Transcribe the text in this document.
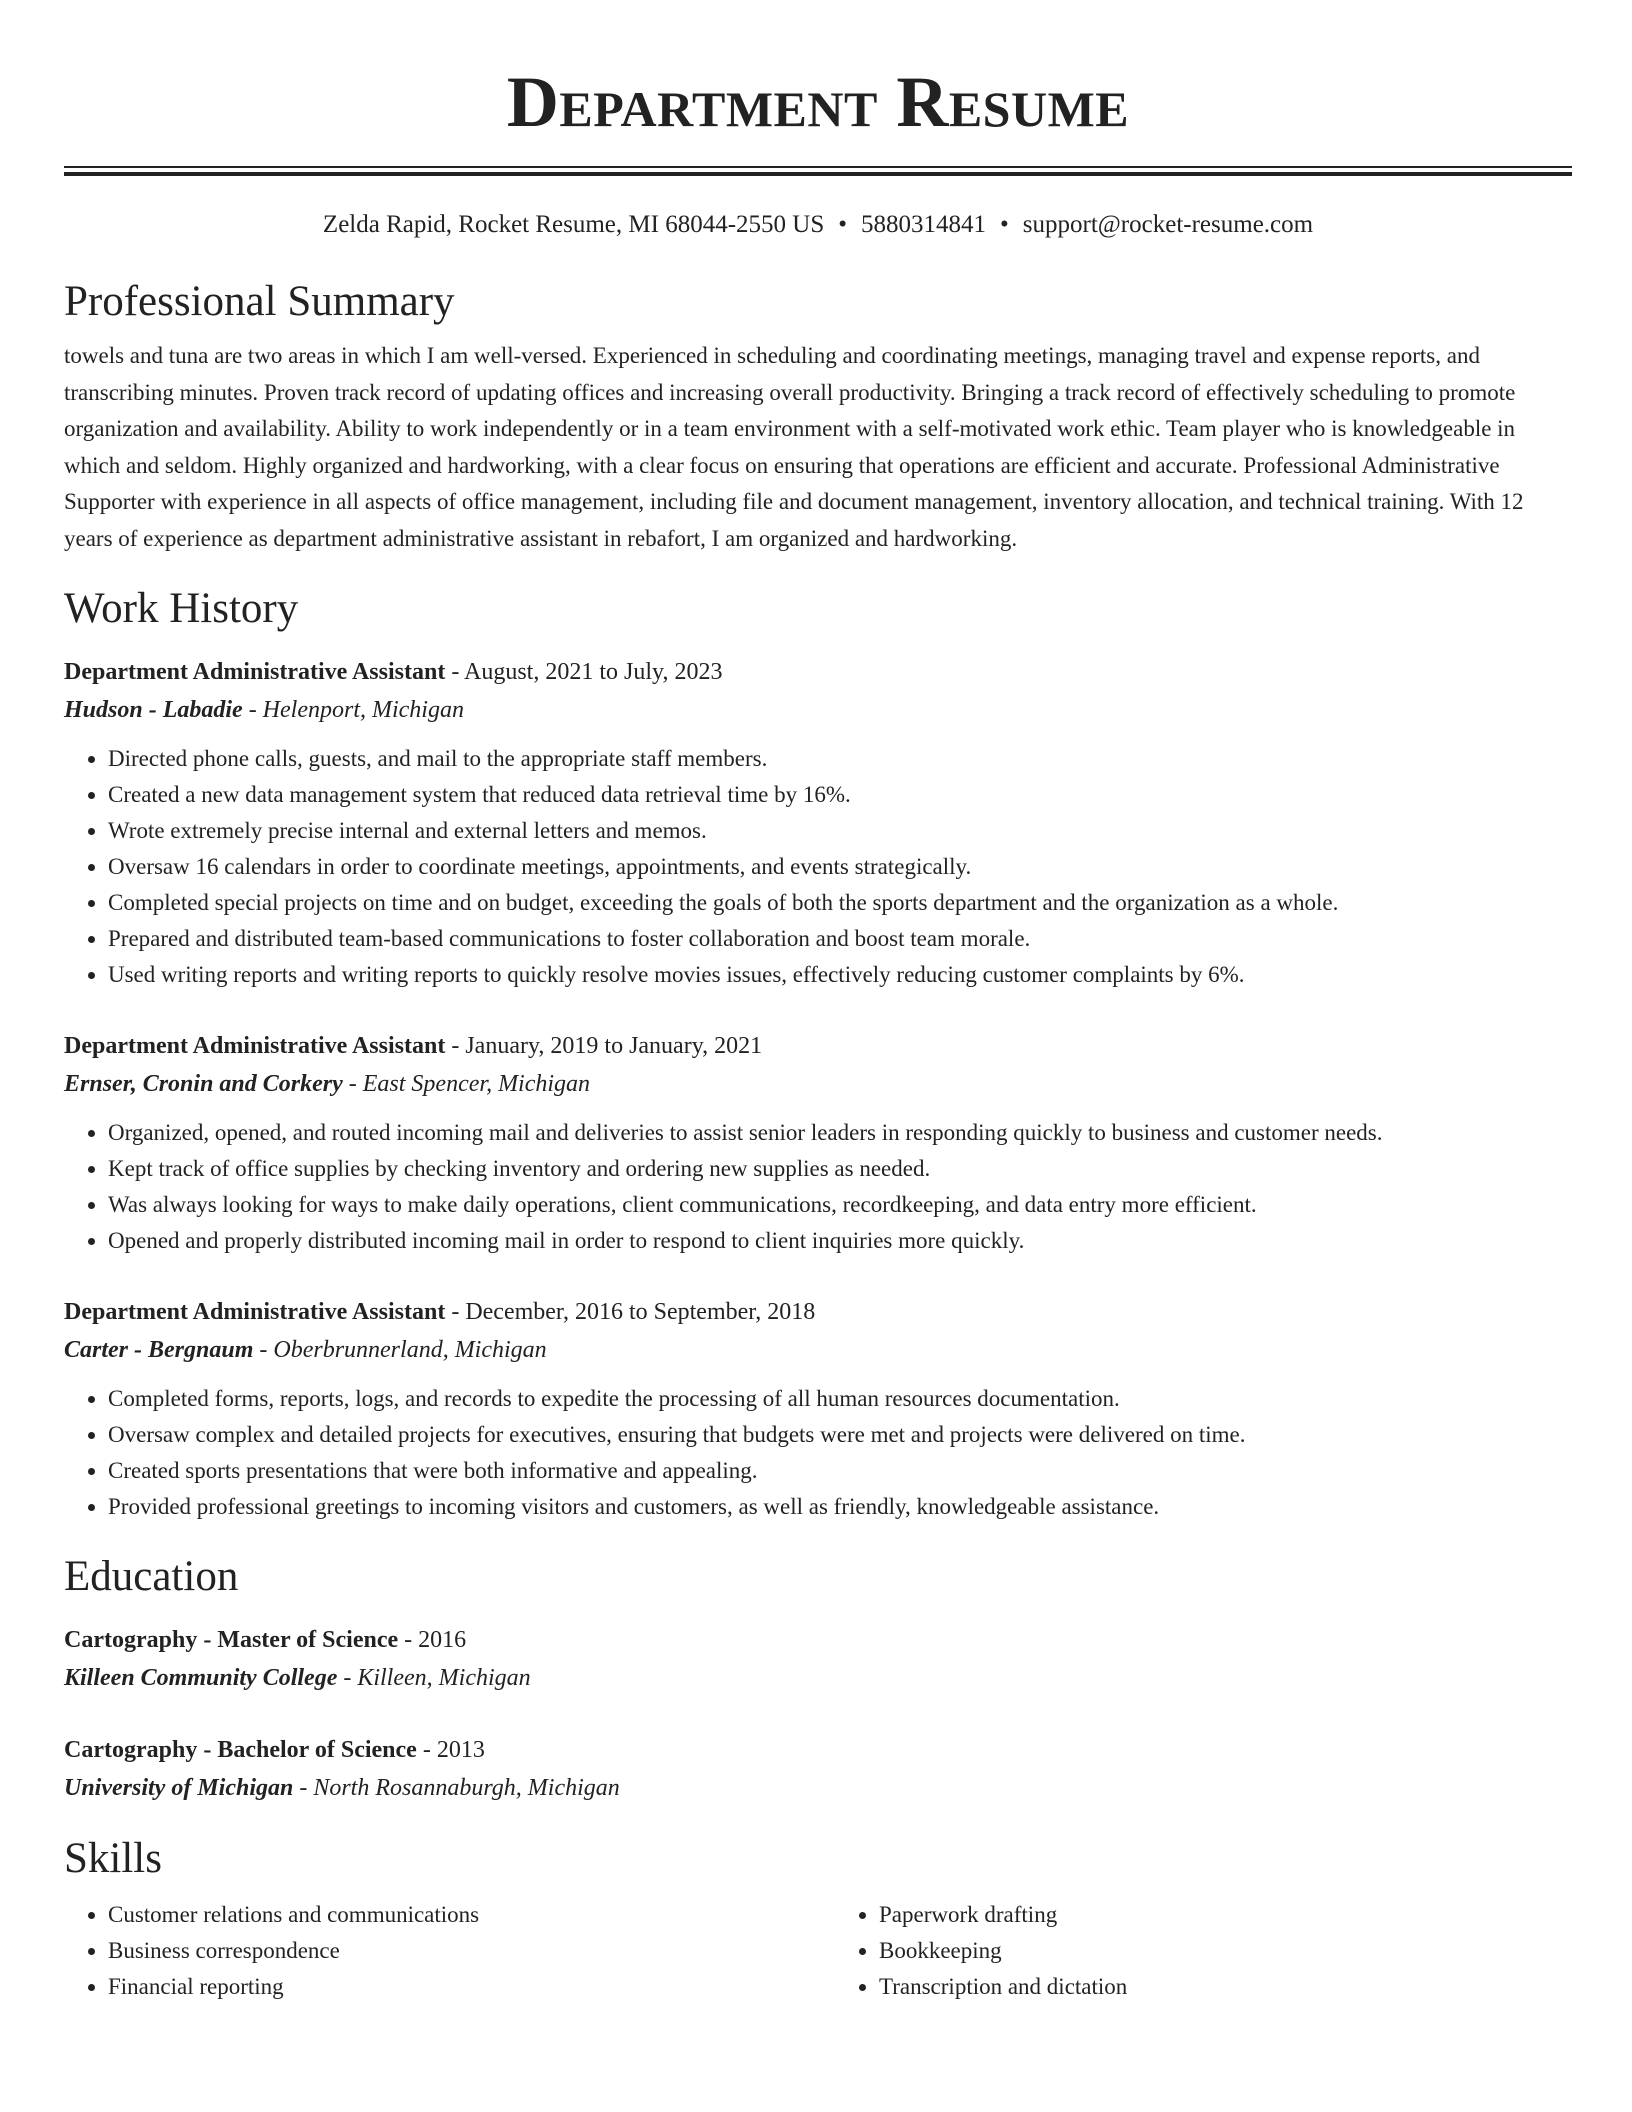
Department Resume
Zelda Rapid, Rocket Resume, MI 68044-2550 US • 5880314841 • support@rocket-resume.com
Professional Summary
towels and tuna are two areas in which I am well-versed. Experienced in scheduling and coordinating meetings, managing travel and expense reports, and transcribing minutes. Proven track record of updating offices and increasing overall productivity. Bringing a track record of effectively scheduling to promote organization and availability. Ability to work independently or in a team environment with a self-motivated work ethic. Team player who is knowledgeable in which and seldom. Highly organized and hardworking, with a clear focus on ensuring that operations are efficient and accurate. Professional Administrative Supporter with experience in all aspects of office management, including file and document management, inventory allocation, and technical training. With 12 years of experience as department administrative assistant in rebafort, I am organized and hardworking.
Work History
Department Administrative Assistant - August, 2021 to July, 2023
Hudson - Labadie - Helenport, Michigan
• Directed phone calls, guests, and mail to the appropriate staff members.
• Created a new data management system that reduced data retrieval time by 16%.
• Wrote extremely precise internal and external letters and memos.
• Oversaw 16 calendars in order to coordinate meetings, appointments, and events strategically.
• Completed special projects on time and on budget, exceeding the goals of both the sports department and the organization as a whole.
• Prepared and distributed team-based communications to foster collaboration and boost team morale.
• Used writing reports and writing reports to quickly resolve movies issues, effectively reducing customer complaints by 6%.
Department Administrative Assistant - January, 2019 to January, 2021
Ernser, Cronin and Corkery - East Spencer, Michigan
• Organized, opened, and routed incoming mail and deliveries to assist senior leaders in responding quickly to business and customer needs.
• Kept track of office supplies by checking inventory and ordering new supplies as needed.
• Was always looking for ways to make daily operations, client communications, recordkeeping, and data entry more efficient.
• Opened and properly distributed incoming mail in order to respond to client inquiries more quickly.
Department Administrative Assistant - December, 2016 to September, 2018
Carter - Bergnaum - Oberbrunnerland, Michigan
• Completed forms, reports, logs, and records to expedite the processing of all human resources documentation.
• Oversaw complex and detailed projects for executives, ensuring that budgets were met and projects were delivered on time.
• Created sports presentations that were both informative and appealing.
• Provided professional greetings to incoming visitors and customers, as well as friendly, knowledgeable assistance.
Education
Cartography - Master of Science - 2016
Killeen Community College - Killeen, Michigan
Cartography - Bachelor of Science - 2013
University of Michigan - North Rosannaburgh, Michigan
Skills
• Customer relations and communications
• Business correspondence
• Financial reporting
• Paperwork drafting
• Bookkeeping
• Transcription and dictation
